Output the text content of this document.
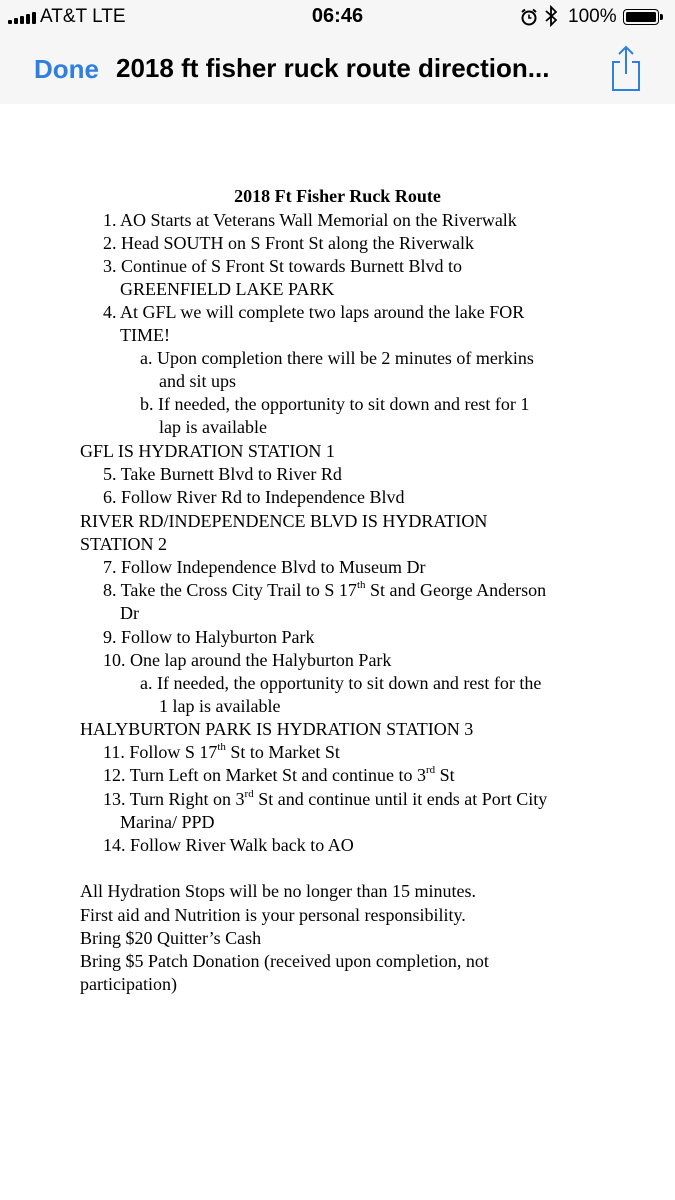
AT&T LTE	06:46	100%
Done 2018 ft fisher ruck route direction...
2018 Ft Fisher Ruck Route
1. AO Starts at Veterans Wall Memorial on the Riverwalk
2. Head SOUTH on S Front St along the Riverwalk
3. Continue of S Front St towards Burnett Blvd to
GREENFIELD LAKE PARK
4. At GFL we will complete two laps around the lake FOR
TIME!
a. Upon completion there will be 2 minutes of merkins
and sit ups
b. If needed, the opportunity to sit down and rest for 1
lap is available
GFL IS HYDRATION STATION 1
5. Take Burnett Blvd to River Rd
6. Follow River Rd to Independence Blvd
RIVER RD/INDEPENDENCE BLVD IS HYDRATION
STATION 2
7. Follow Independence Blvd to Museum Dr
8. Take the Cross City Trail to S 17th St and George Anderson
Dr
9. Follow to Halyburton Park
10. One lap around the Halyburton Park
a. If needed, the opportunity to sit down and rest for the
1 lap is available
HALYBURTON PARK IS HYDRATION STATION 3
11. Follow S 17th St to Market St
12. Turn Left on Market St and continue to 3rd St
13. Turn Right on 3rd St and continue until it ends at Port City
Marina/ PPD
14. Follow River Walk back to AO
All Hydration Stops will be no longer than 15 minutes.
First aid and Nutrition is your personal responsibility.
Bring $20 Quitter’s Cash
Bring $5 Patch Donation (received upon completion, not
participation)
